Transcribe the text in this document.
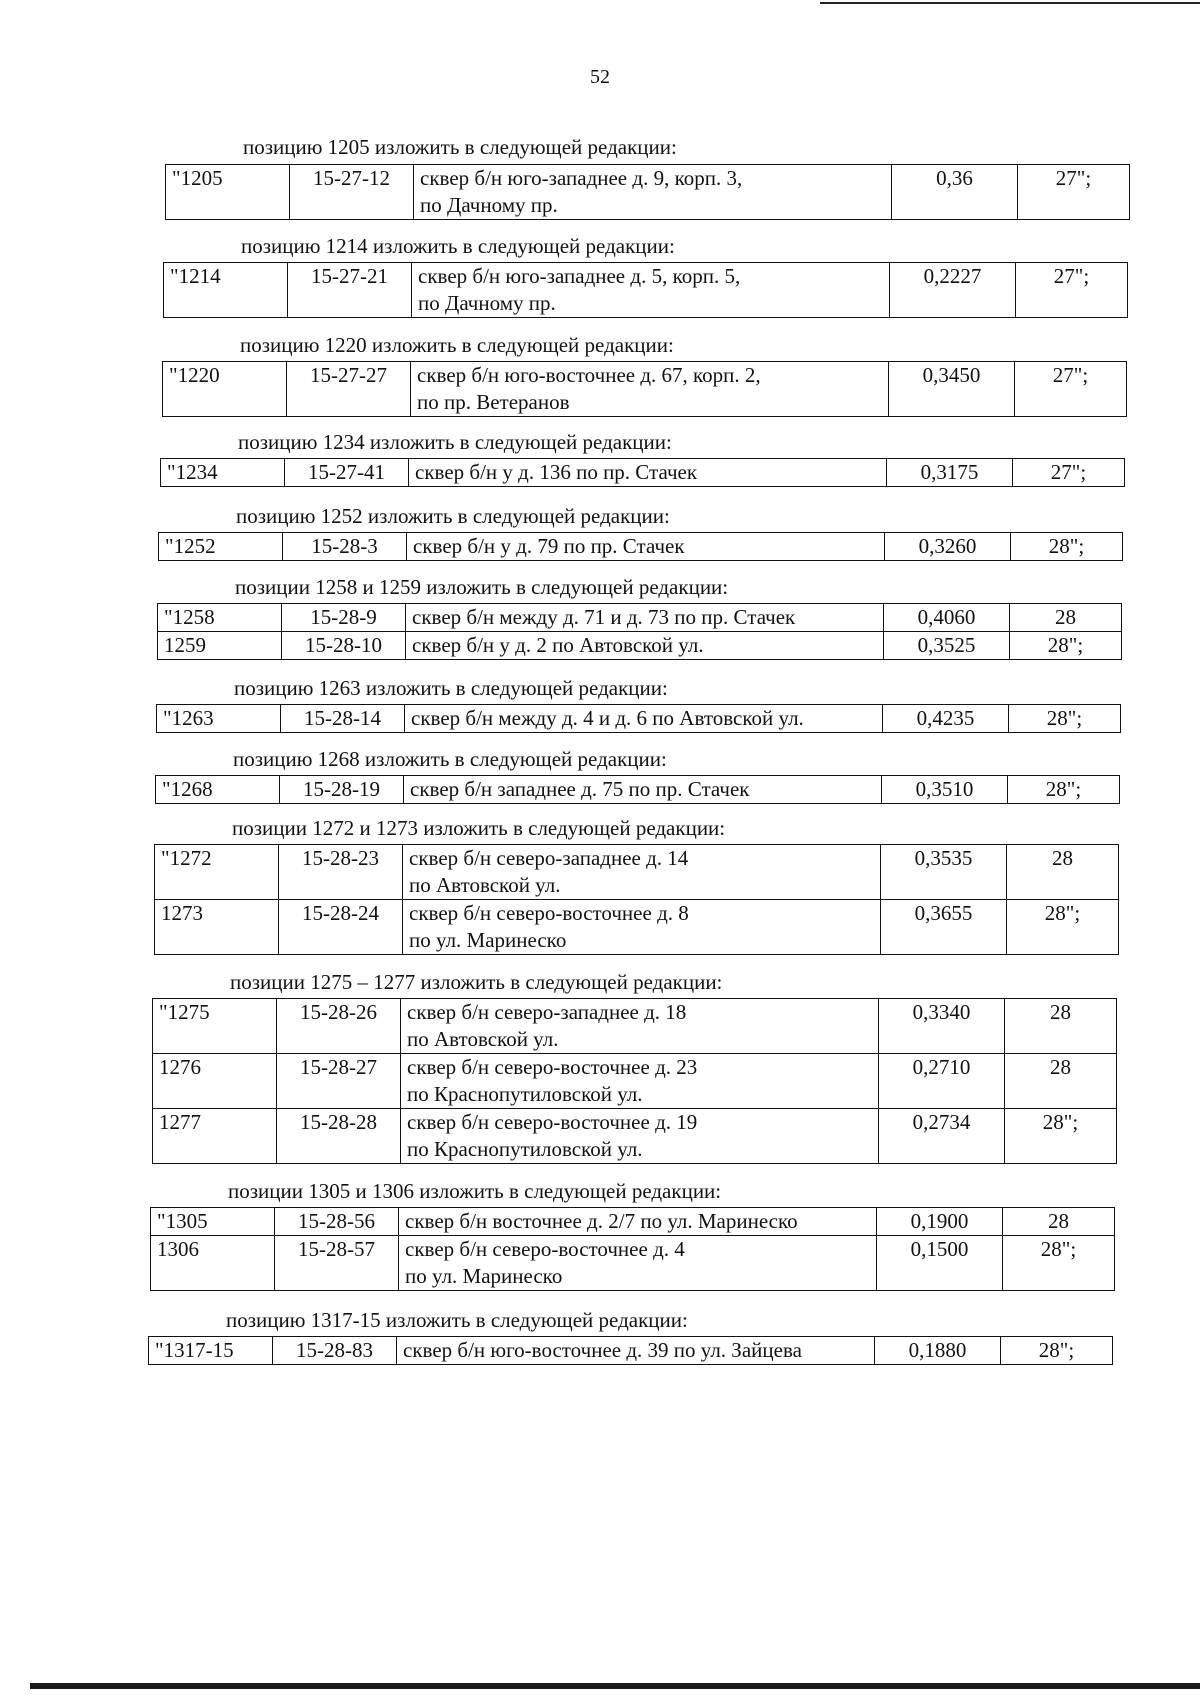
52
позицию 1205 изложить в следующей редакции:
"1205	15-27-12	сквер б/н юго-западнее д. 9, корп. 3,
по Дачному пр.
	0,36	27";
позицию 1214 изложить в следующей редакции:
"1214	15-27-21	сквер б/н юго-западнее д. 5, корп. 5,
по Дачному пр.
	0,2227	27";
позицию 1220 изложить в следующей редакции:
"1220	15-27-27	сквер б/н юго-восточнее д. 67, корп. 2,
по пр. Ветеранов
	0,3450	27";
позицию 1234 изложить в следующей редакции:
"1234	15-27-41	сквер б/н у д. 136 по пр. Стачек	0,3175	27";
позицию 1252 изложить в следующей редакции:
"1252	15-28-3	сквер б/н у д. 79 по пр. Стачек	0,3260	28";
позиции 1258 и 1259 изложить в следующей редакции:
"1258	15-28-9	сквер б/н между д. 71 и д. 73 по пр. Стачек	0,4060	28
1259	15-28-10	сквер б/н у д. 2 по Автовской ул.	0,3525	28";
позицию 1263 изложить в следующей редакции:
"1263	15-28-14	сквер б/н между д. 4 и д. 6 по Автовской ул.	0,4235	28";
позицию 1268 изложить в следующей редакции:
"1268	15-28-19	сквер б/н западнее д. 75 по пр. Стачек	0,3510	28";
позиции 1272 и 1273 изложить в следующей редакции:
"1272	15-28-23	сквер б/н северо-западнее д. 14
по Автовской ул.	0,3535	28
1273	15-28-24	сквер б/н северо-восточнее д. 8
по ул. Маринеско	0,3655	28";
позиции 1275 – 1277 изложить в следующей редакции:
"1275	15-28-26	сквер б/н северо-западнее д. 18
по Автовской ул.	0,3340	28
1276	15-28-27	сквер б/н северо-восточнее д. 23
по Краснопутиловской ул.	0,2710	28
1277	15-28-28	сквер б/н северо-восточнее д. 19
по Краснопутиловской ул.	0,2734	28";
позиции 1305 и 1306 изложить в следующей редакции:
"1305	15-28-56	сквер б/н восточнее д. 2/7 по ул. Маринеско	0,1900	28
1306	15-28-57	сквер б/н северо-восточнее д. 4
по ул. Маринеско	0,1500	28";
позицию 1317-15 изложить в следующей редакции:
"1317-15	15-28-83	сквер б/н юго-восточнее д. 39 по ул. Зайцева	0,1880	28";
